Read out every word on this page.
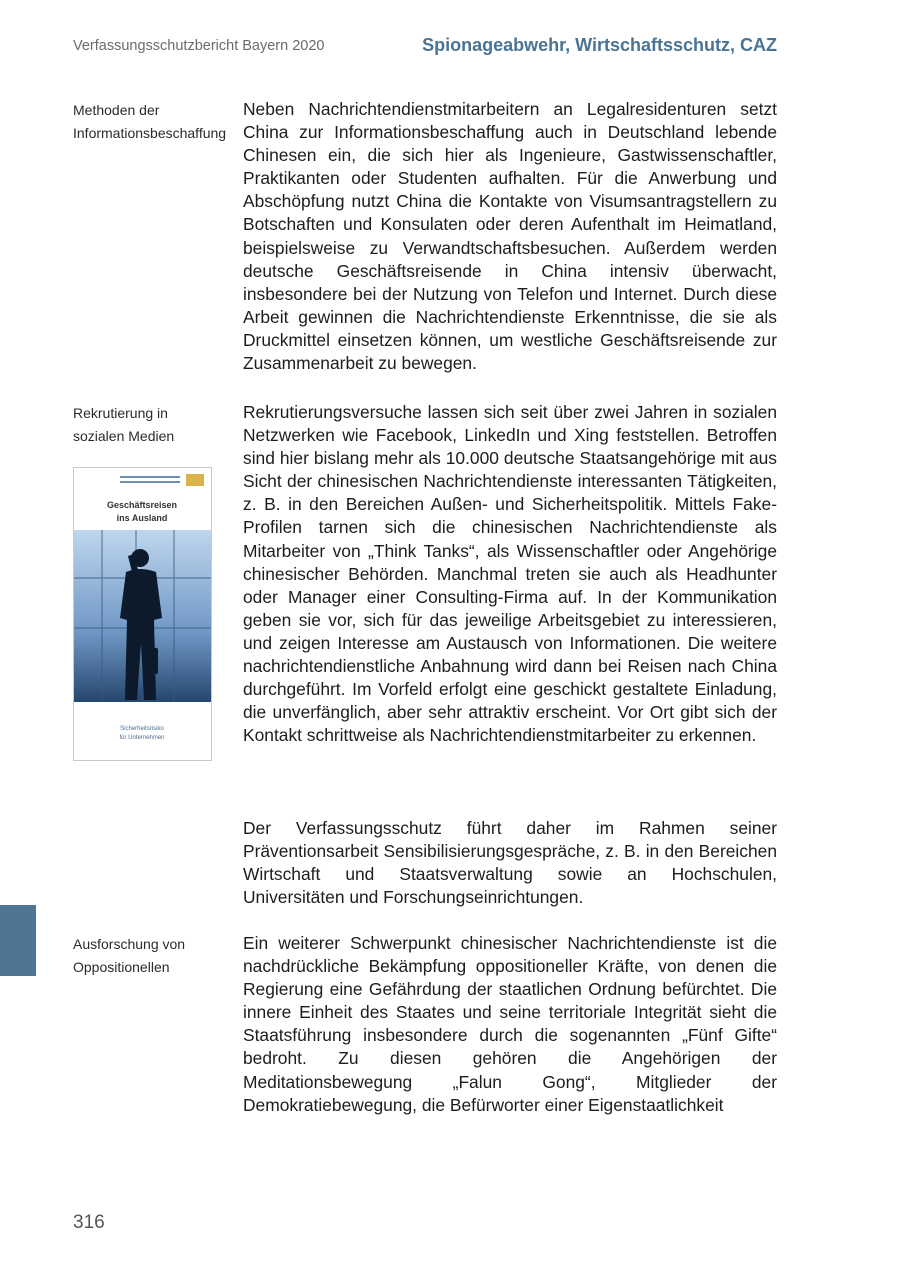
Verfassungsschutzbericht Bayern 2020	Spionageabwehr, Wirtschaftsschutz, CAZ
Methoden der Informationsbeschaffung

Neben Nachrichtendienstmitarbeitern an Legalresidenturen setzt China zur Informationsbeschaffung auch in Deutschland lebende Chinesen ein, die sich hier als Ingenieure, Gastwissenschaftler, Praktikanten oder Studenten aufhalten. Für die Anwerbung und Abschöpfung nutzt China die Kontakte von Visumsantragstellern zu Botschaften und Konsulaten oder deren Aufenthalt im Heimatland, beispielsweise zu Verwandtschaftsbesuchen. Außerdem werden deutsche Geschäftsreisende in China intensiv überwacht, insbesondere bei der Nutzung von Telefon und Internet. Durch diese Arbeit gewinnen die Nachrichtendienste Erkenntnisse, die sie als Druckmittel einsetzen können, um westliche Geschäftsreisende zur Zusammenarbeit zu bewegen.

Rekrutierung in sozialen Medien

Rekrutierungsversuche lassen sich seit über zwei Jahren in sozialen Netzwerken wie Facebook, LinkedIn und Xing feststellen. Betroffen sind hier bislang mehr als 10.000 deutsche Staatsangehörige mit aus Sicht der chinesischen Nachrichtendienste interessanten Tätigkeiten, z. B. in den Bereichen Außen- und Sicherheitspolitik. Mittels Fake-Profilen tarnen sich die chinesischen Nachrichtendienste als Mitarbeiter von „Think Tanks“, als Wissenschaftler oder Angehörige chinesischer Behörden. Manchmal treten sie auch als Headhunter oder Manager einer Consulting-Firma auf. In der Kommunikation geben sie vor, sich für das jeweilige Arbeitsgebiet zu interessieren, und zeigen Interesse am Austausch von Informationen. Die weitere nachrichtendienstliche Anbahnung wird dann bei Reisen nach China durchgeführt. Im Vorfeld erfolgt eine geschickt gestaltete Einladung, die unverfänglich, aber sehr attraktiv erscheint. Vor Ort gibt sich der Kontakt schrittweise als Nachrichtendienstmitarbeiter zu erkennen.

Geschäftsreisen
ins Ausland
Sicherheitsrisiko
für Unternehmen

Der Verfassungsschutz führt daher im Rahmen seiner Präventionsarbeit Sensibilisierungsgespräche, z. B. in den Bereichen Wirtschaft und Staatsverwaltung sowie an Hochschulen, Universitäten und Forschungseinrichtungen.

Ausforschung von Oppositionellen

Ein weiterer Schwerpunkt chinesischer Nachrichtendienste ist die nachdrückliche Bekämpfung oppositioneller Kräfte, von denen die Regierung eine Gefährdung der staatlichen Ordnung befürchtet. Die innere Einheit des Staates und seine territoriale Integrität sieht die Staatsführung insbesondere durch die sogenannten „Fünf Gifte“ bedroht. Zu diesen gehören die Angehörigen der Meditationsbewegung „Falun Gong“, Mitglieder der Demokratiebewegung, die Befürworter einer Eigenstaatlichkeit

316
